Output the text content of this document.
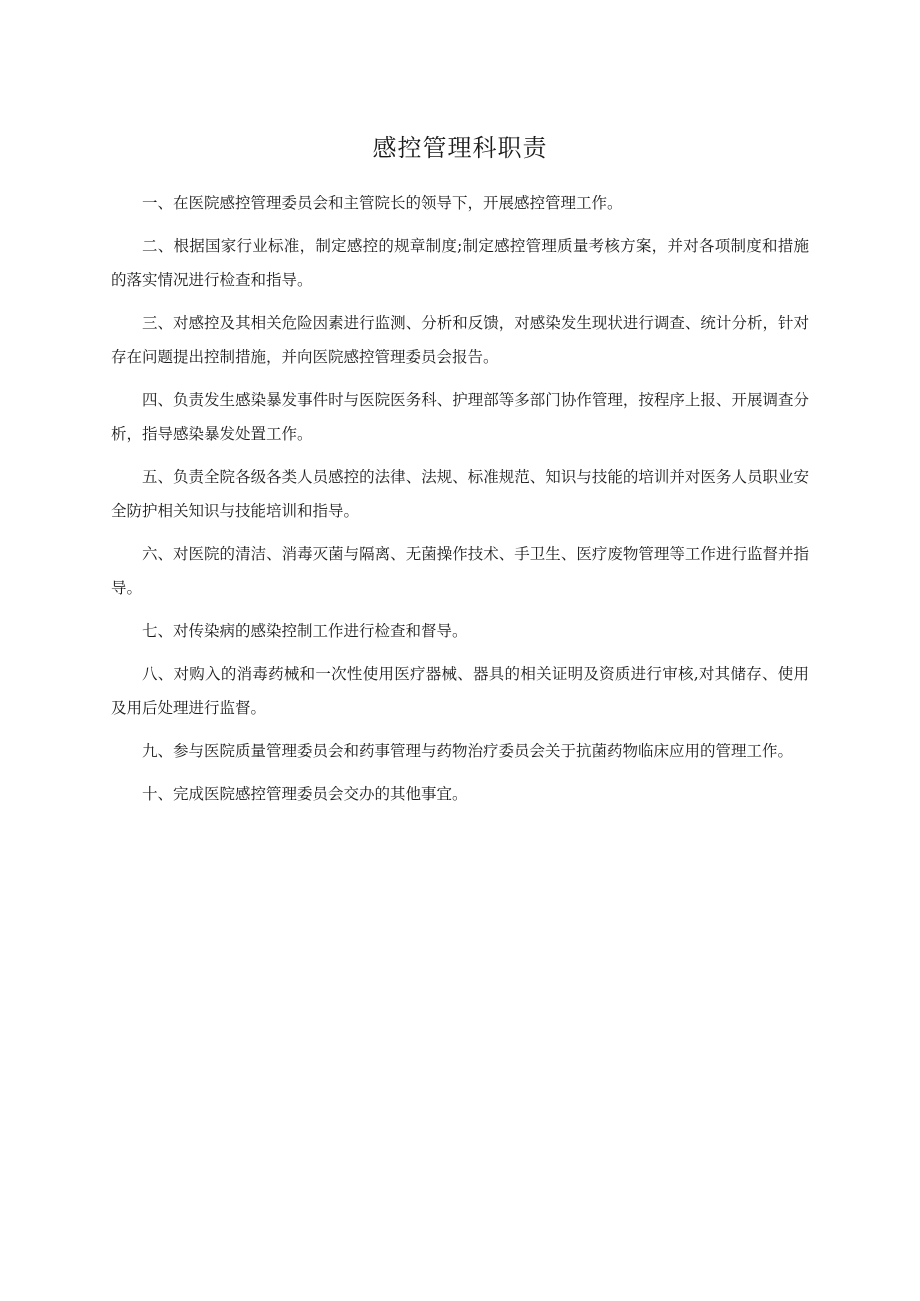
感控管理科职责

一、在医院感控管理委员会和主管院长的领导下，开展感控管理工作。

二、根据国家行业标准，制定感控的规章制度;制定感控管理质量考核方案，并对各项制度和措施的落实情况进行检查和指导。

三、对感控及其相关危险因素进行监测、分析和反馈，对感染发生现状进行调查、统计分析，针对存在问题提出控制措施，并向医院感控管理委员会报告。

四、负责发生感染暴发事件时与医院医务科、护理部等多部门协作管理，按程序上报、开展调查分析，指导感染暴发处置工作。

五、负责全院各级各类人员感控的法律、法规、标准规范、知识与技能的培训并对医务人员职业安全防护相关知识与技能培训和指导。

六、对医院的清洁、消毒灭菌与隔离、无菌操作技术、手卫生、医疗废物管理等工作进行监督并指导。

七、对传染病的感染控制工作进行检查和督导。

八、对购入的消毒药械和一次性使用医疗器械、器具的相关证明及资质进行审核,对其储存、使用及用后处理进行监督。

九、参与医院质量管理委员会和药事管理与药物治疗委员会关于抗菌药物临床应用的管理工作。

十、完成医院感控管理委员会交办的其他事宜。
